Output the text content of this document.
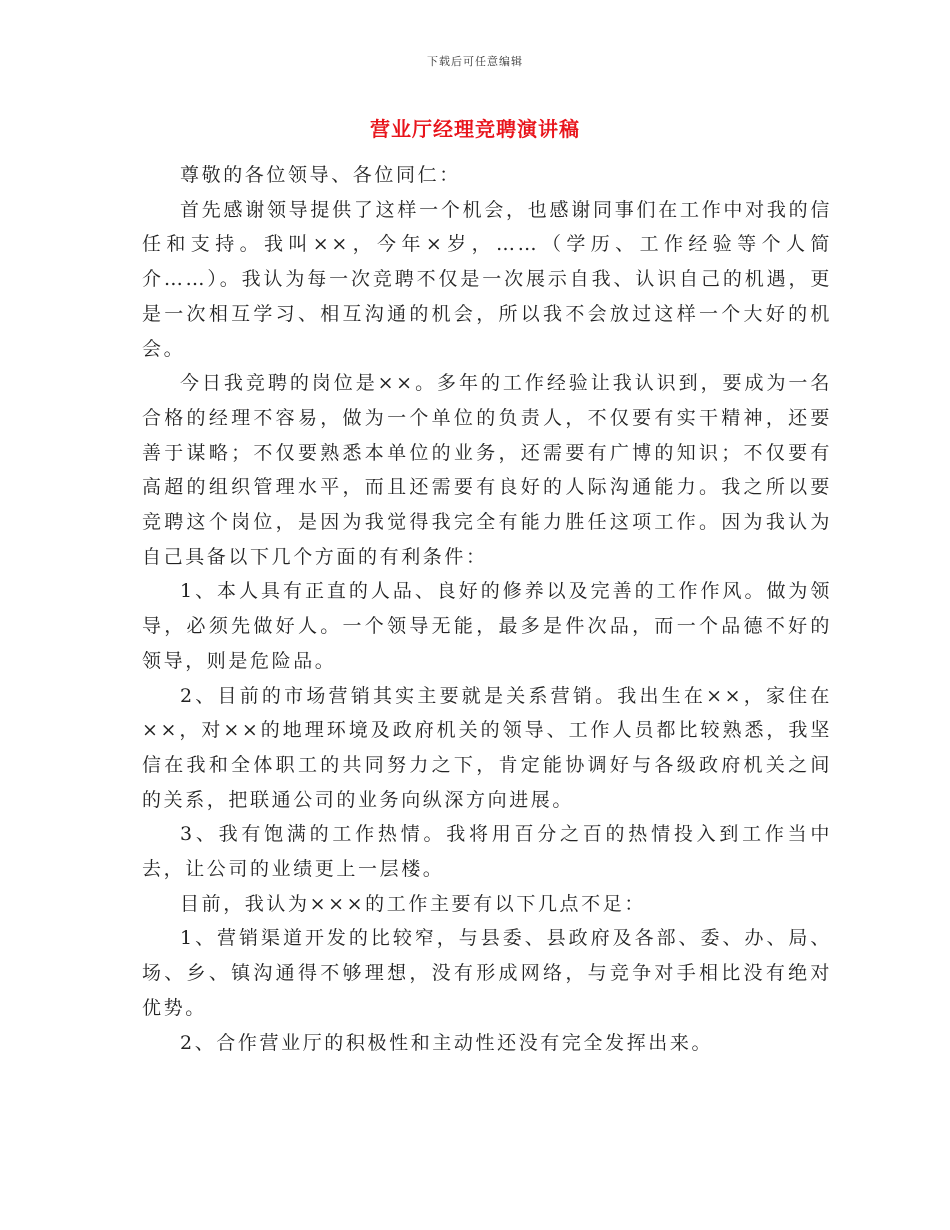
下载后可任意编辑
营业厅经理竞聘演讲稿

尊敬的各位领导、各位同仁：

首先感谢领导提供了这样一个机会，也感谢同事们在工作中对我的信任和支持。我叫××，今年×岁，……（学历、工作经验等个人简介……）。我认为每一次竞聘不仅是一次展示自我、认识自己的机遇，更是一次相互学习、相互沟通的机会，所以我不会放过这样一个大好的机会。

今日我竞聘的岗位是××。多年的工作经验让我认识到，要成为一名合格的经理不容易，做为一个单位的负责人，不仅要有实干精神，还要善于谋略；不仅要熟悉本单位的业务，还需要有广博的知识；不仅要有高超的组织管理水平，而且还需要有良好的人际沟通能力。我之所以要竞聘这个岗位，是因为我觉得我完全有能力胜任这项工作。因为我认为自己具备以下几个方面的有利条件：

1、本人具有正直的人品、良好的修养以及完善的工作作风。做为领导，必须先做好人。一个领导无能，最多是件次品，而一个品德不好的领导，则是危险品。

2、目前的市场营销其实主要就是关系营销。我出生在××，家住在××，对××的地理环境及政府机关的领导、工作人员都比较熟悉，我坚信在我和全体职工的共同努力之下，肯定能协调好与各级政府机关之间的关系，把联通公司的业务向纵深方向进展。

3、我有饱满的工作热情。我将用百分之百的热情投入到工作当中去，让公司的业绩更上一层楼。

目前，我认为×××的工作主要有以下几点不足：

1、营销渠道开发的比较窄，与县委、县政府及各部、委、办、局、场、乡、镇沟通得不够理想，没有形成网络，与竞争对手相比没有绝对优势。

2、合作营业厅的积极性和主动性还没有完全发挥出来。
